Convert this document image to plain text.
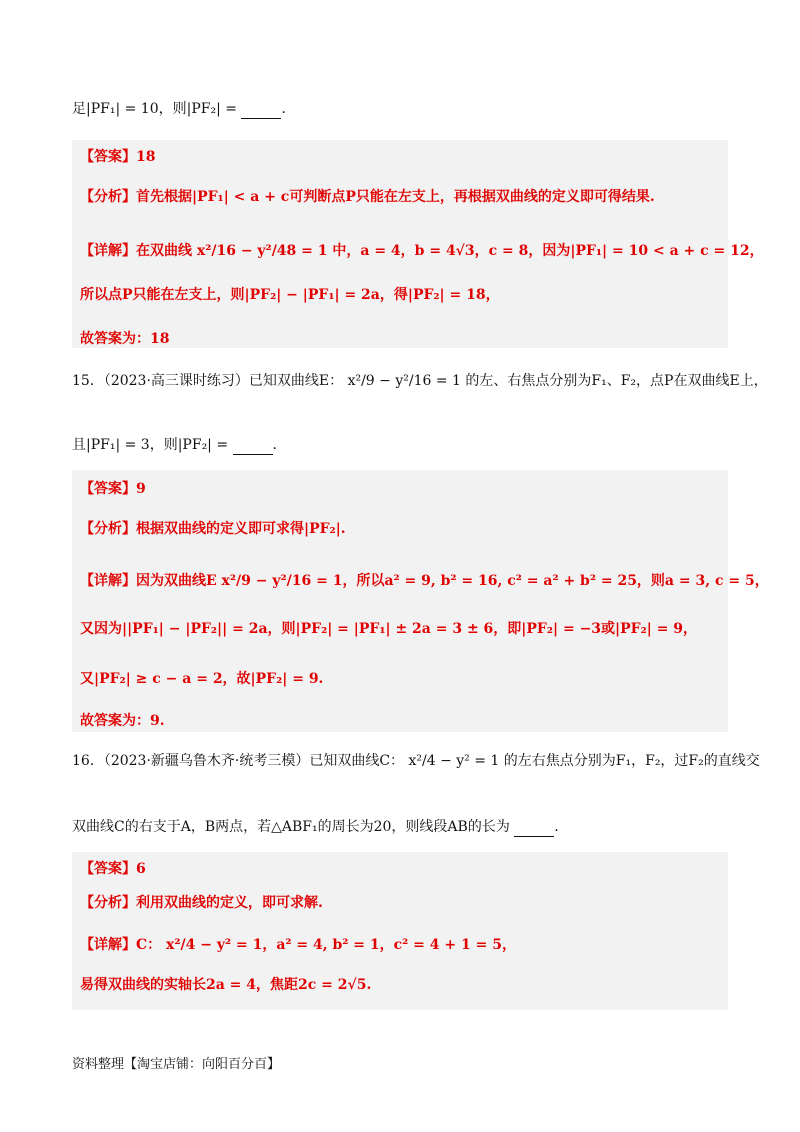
足|PF₁| = 10，则|PF₂| =	.
【答案】18
【分析】首先根据|PF₁| < a + c可判断点P只能在左支上，再根据双曲线的定义即可得结果.
【详解】在双曲线 x²/16 − y²/48 = 1 中，a = 4，b = 4√3，c = 8，因为|PF₁| = 10 < a + c = 12，
所以点P只能在左支上，则|PF₂| − |PF₁| = 2a，得|PF₂| = 18，
故答案为：18
15．（2023·高三课时练习）已知双曲线E： x²/9 − y²/16 = 1 的左、右焦点分别为F₁、F₂，点P在双曲线E上，
且|PF₁| = 3，则|PF₂| =	.
【答案】9
【分析】根据双曲线的定义即可求得|PF₂|.
【详解】因为双曲线E x²/9 − y²/16 = 1，所以a² = 9, b² = 16, c² = a² + b² = 25，则a = 3, c = 5，
又因为||PF₁| − |PF₂|| = 2a，则|PF₂| = |PF₁| ± 2a = 3 ± 6，即|PF₂| = −3或|PF₂| = 9，
又|PF₂| ≥ c − a = 2，故|PF₂| = 9.
故答案为：9.
16．（2023·新疆乌鲁木齐·统考三模）已知双曲线C： x²/4 − y² = 1 的左右焦点分别为F₁，F₂，过F₂的直线交
双曲线C的右支于A，B两点，若△ABF₁的周长为20，则线段AB的长为	.
【答案】6
【分析】利用双曲线的定义，即可求解.
【详解】C： x²/4 − y² = 1，a² = 4, b² = 1，c² = 4 + 1 = 5，
易得双曲线的实轴长2a = 4，焦距2c = 2√5.
资料整理【淘宝店铺：向阳百分百】
